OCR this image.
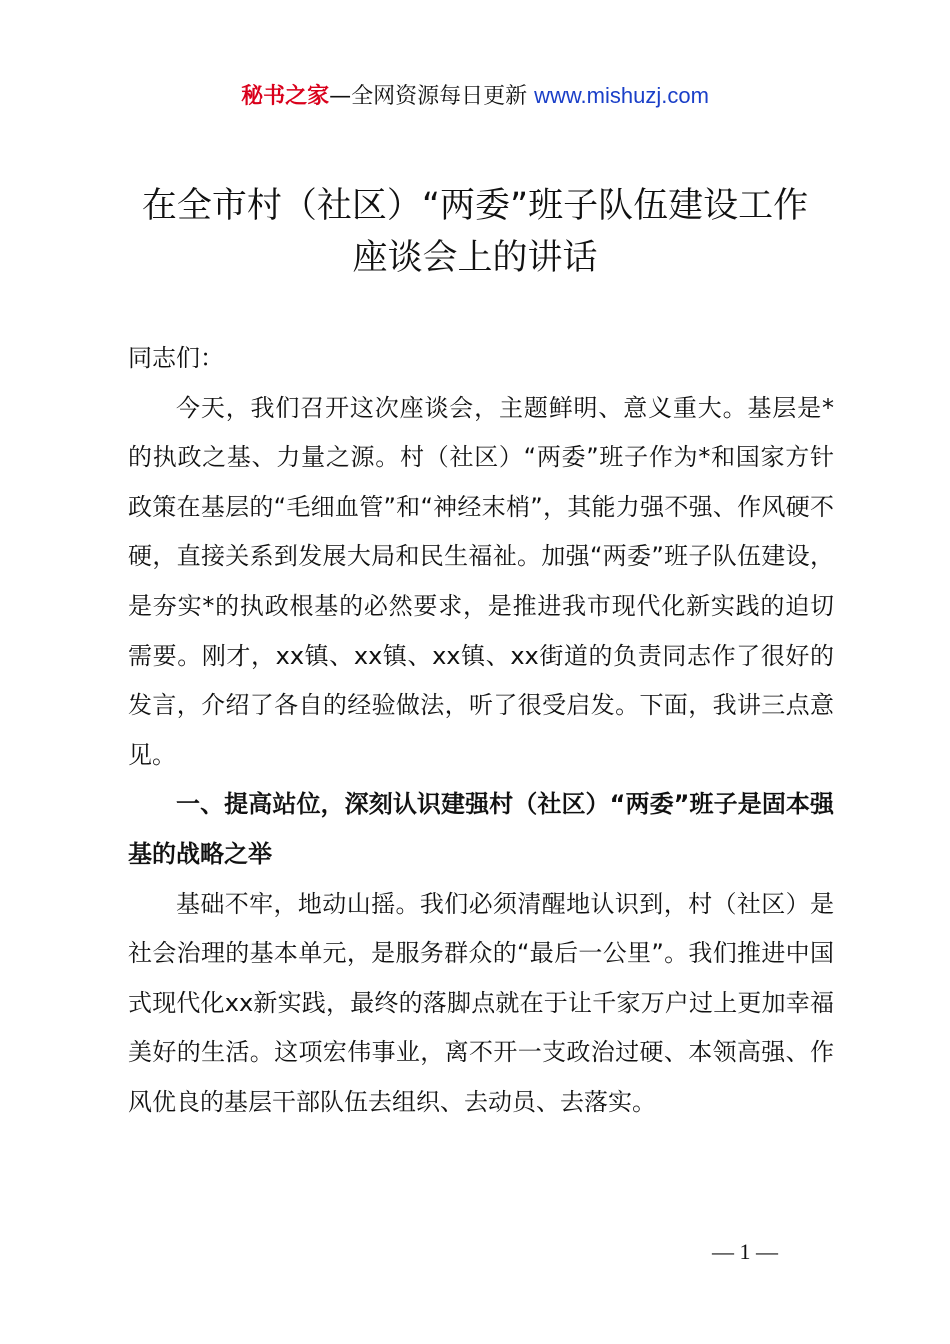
秘书之家—全网资源每日更新 www.mishuzj.com
在全市村（社区）“两委”班子队伍建设工作
座谈会上的讲话

同志们：

今天，我们召开这次座谈会，主题鲜明、意义重大。基层是*的执政之基、力量之源。村（社区）“两委”班子作为*和国家方针政策在基层的“毛细血管”和“神经末梢”，其能力强不强、作风硬不硬，直接关系到发展大局和民生福祉。加强“两委”班子队伍建设，是夯实*的执政根基的必然要求，是推进我市现代化新实践的迫切需要。刚才，xx镇、xx镇、xx镇、xx街道的负责同志作了很好的发言，介绍了各自的经验做法，听了很受启发。下面，我讲三点意见。

一、提高站位，深刻认识建强村（社区）“两委”班子是固本强基的战略之举

基础不牢，地动山摇。我们必须清醒地认识到，村（社区）是社会治理的基本单元，是服务群众的“最后一公里”。我们推进中国式现代化xx新实践，最终的落脚点就在于让千家万户过上更加幸福美好的生活。这项宏伟事业，离不开一支政治过硬、本领高强、作风优良的基层干部队伍去组织、去动员、去落实。

— 1 —
